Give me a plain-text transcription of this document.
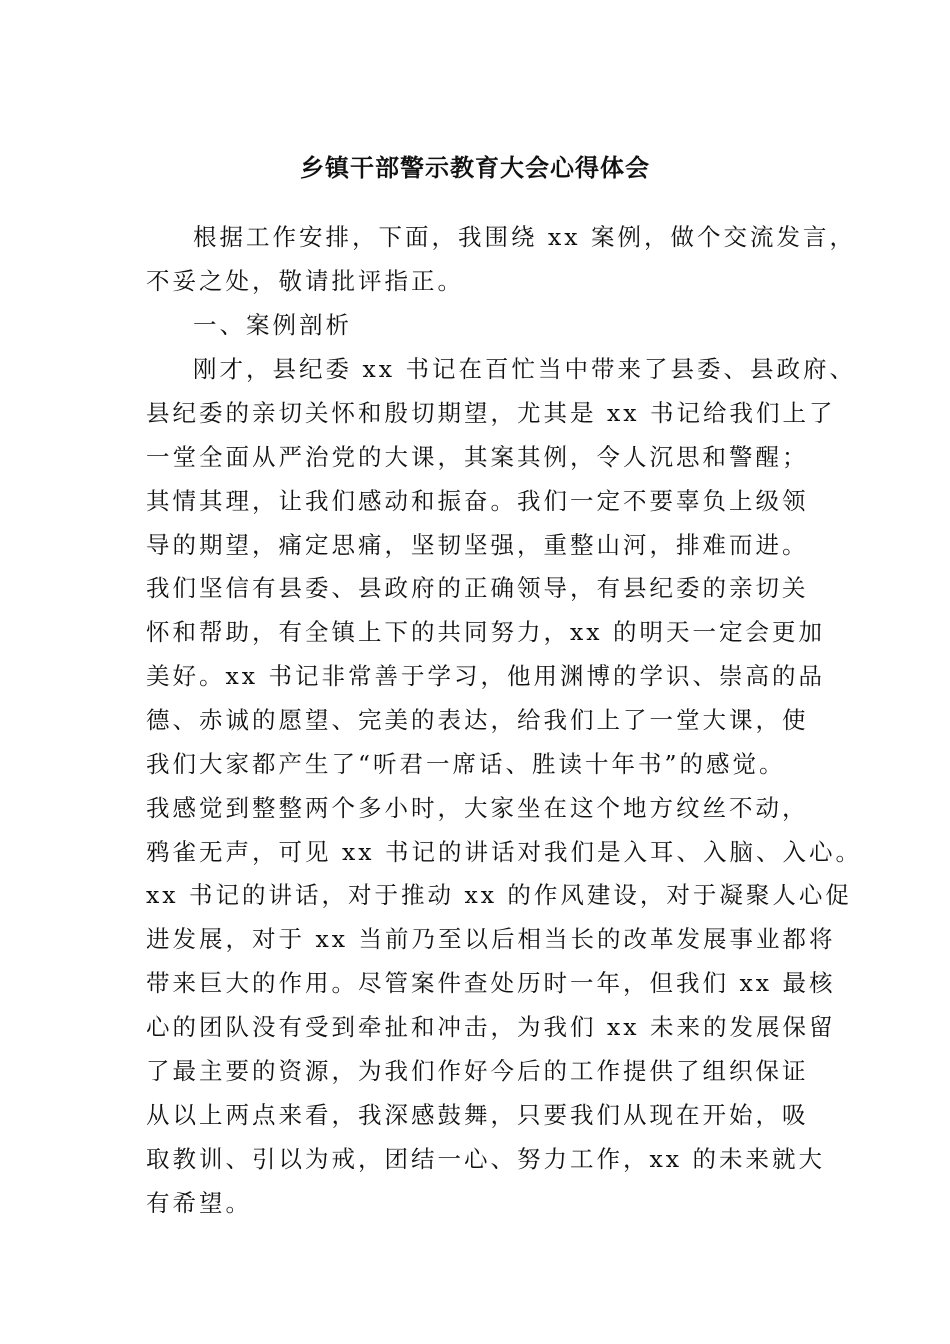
乡镇干部警示教育大会心得体会
根据工作安排，下面，我围绕 xx 案例，做个交流发言，
不妥之处，敬请批评指正。
一、案例剖析
刚才，县纪委 xx 书记在百忙当中带来了县委、县政府、
县纪委的亲切关怀和殷切期望，尤其是 xx 书记给我们上了
一堂全面从严治党的大课，其案其例，令人沉思和警醒；
其情其理，让我们感动和振奋。我们一定不要辜负上级领
导的期望，痛定思痛，坚韧坚强，重整山河，排难而进。
我们坚信有县委、县政府的正确领导，有县纪委的亲切关
怀和帮助，有全镇上下的共同努力，xx 的明天一定会更加
美好。xx 书记非常善于学习，他用渊博的学识、崇高的品
德、赤诚的愿望、完美的表达，给我们上了一堂大课，使
我们大家都产生了“听君一席话、胜读十年书”的感觉。
我感觉到整整两个多小时，大家坐在这个地方纹丝不动，
鸦雀无声，可见 xx 书记的讲话对我们是入耳、入脑、入心。
xx 书记的讲话，对于推动 xx 的作风建设，对于凝聚人心促
进发展，对于 xx 当前乃至以后相当长的改革发展事业都将
带来巨大的作用。尽管案件查处历时一年，但我们 xx 最核
心的团队没有受到牵扯和冲击，为我们 xx 未来的发展保留
了最主要的资源，为我们作好今后的工作提供了组织保证
从以上两点来看，我深感鼓舞，只要我们从现在开始，吸
取教训、引以为戒，团结一心、努力工作，xx 的未来就大
有希望。
